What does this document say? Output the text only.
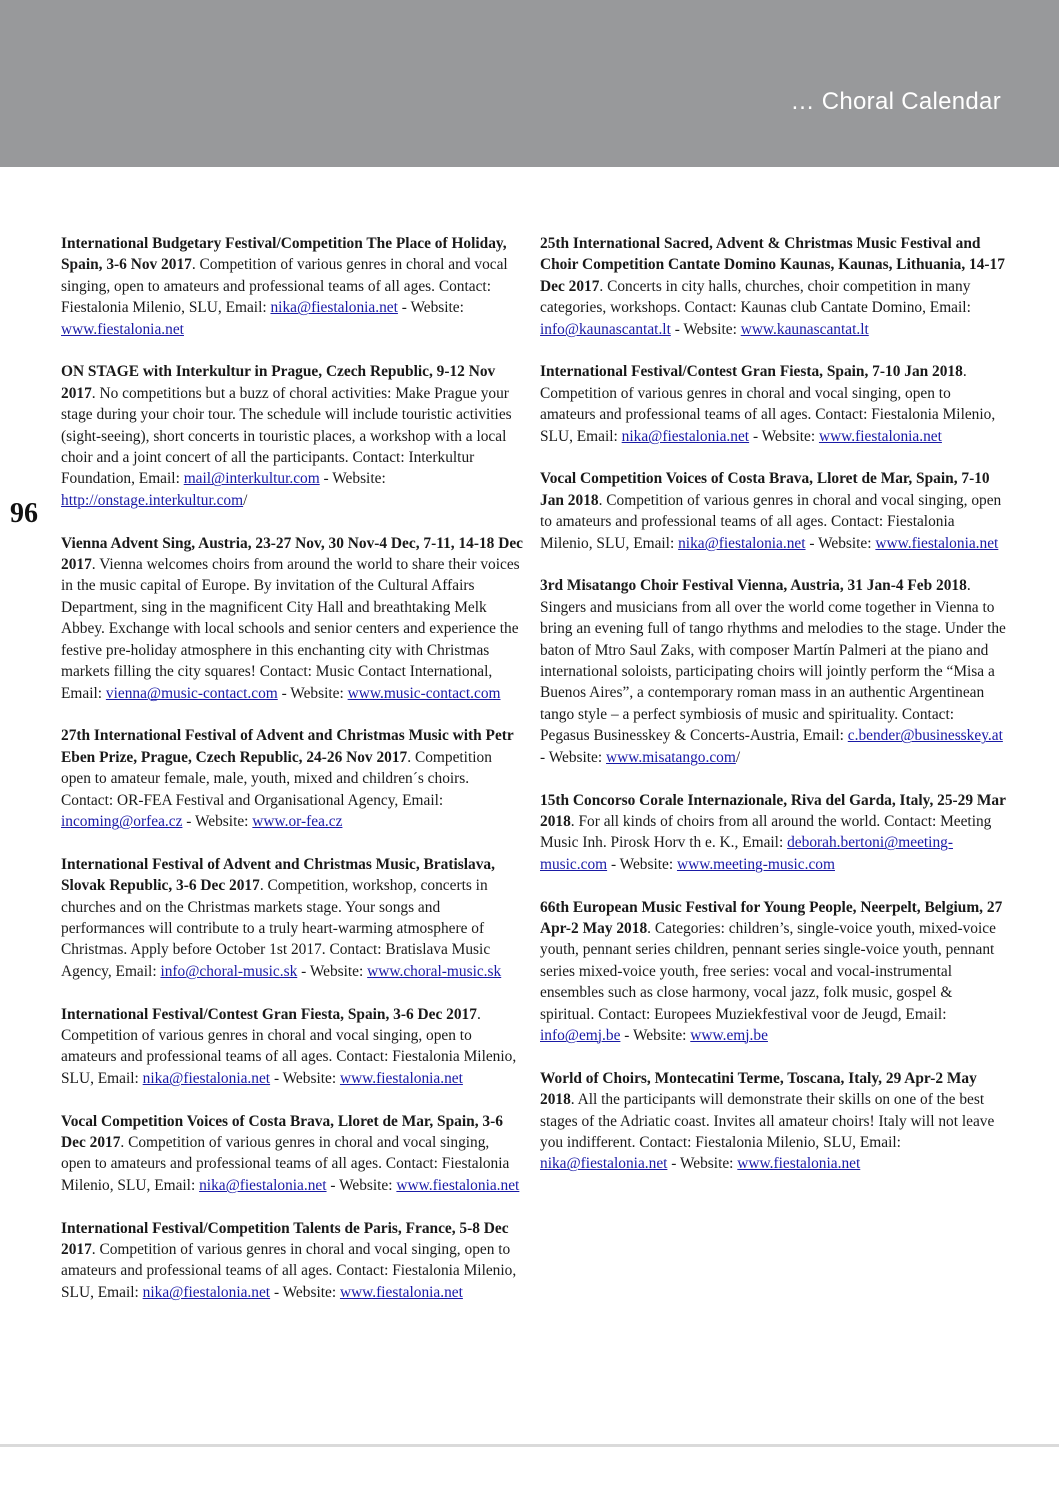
… Choral Calendar
96

International Budgetary Festival/Competition The Place of Holiday, Spain, 3-6 Nov 2017. Competition of various genres in choral and vocal singing, open to amateurs and professional teams of all ages. Contact: Fiestalonia Milenio, SLU, Email: nika@fiestalonia.net - Website: www.fiestalonia.net

ON STAGE with Interkultur in Prague, Czech Republic, 9-12 Nov 2017. No competitions but a buzz of choral activities: Make Prague your stage during your choir tour. The schedule will include touristic activities (sight-seeing), short concerts in touristic places, a workshop with a local choir and a joint concert of all the participants. Contact: Interkultur Foundation, Email: mail@interkultur.com - Website: http://onstage.interkultur.com/

Vienna Advent Sing, Austria, 23-27 Nov, 30 Nov-4 Dec, 7-11, 14-18 Dec 2017. Vienna welcomes choirs from around the world to share their voices in the music capital of Europe. By invitation of the Cultural Affairs Department, sing in the magnificent City Hall and breathtaking Melk Abbey. Exchange with local schools and senior centers and experience the festive pre-holiday atmosphere in this enchanting city with Christmas markets filling the city squares! Contact: Music Contact International, Email: vienna@music-contact.com - Website: www.music-contact.com

27th International Festival of Advent and Christmas Music with Petr Eben Prize, Prague, Czech Republic, 24-26 Nov 2017. Competition open to amateur female, male, youth, mixed and children´s choirs. Contact: OR-FEA Festival and Organisational Agency, Email: incoming@orfea.cz - Website: www.or-fea.cz

International Festival of Advent and Christmas Music, Bratislava, Slovak Republic, 3-6 Dec 2017. Competition, workshop, concerts in churches and on the Christmas markets stage. Your songs and performances will contribute to a truly heart-warming atmosphere of Christmas. Apply before October 1st 2017. Contact: Bratislava Music Agency, Email: info@choral-music.sk - Website: www.choral-music.sk

International Festival/Contest Gran Fiesta, Spain, 3-6 Dec 2017. Competition of various genres in choral and vocal singing, open to amateurs and professional teams of all ages. Contact: Fiestalonia Milenio, SLU, Email: nika@fiestalonia.net - Website: www.fiestalonia.net

Vocal Competition Voices of Costa Brava, Lloret de Mar, Spain, 3-6 Dec 2017. Competition of various genres in choral and vocal singing, open to amateurs and professional teams of all ages. Contact: Fiestalonia Milenio, SLU, Email: nika@fiestalonia.net - Website: www.fiestalonia.net

International Festival/Competition Talents de Paris, France, 5-8 Dec 2017. Competition of various genres in choral and vocal singing, open to amateurs and professional teams of all ages. Contact: Fiestalonia Milenio, SLU, Email: nika@fiestalonia.net - Website: www.fiestalonia.net

25th International Sacred, Advent & Christmas Music Festival and Choir Competition Cantate Domino Kaunas, Kaunas, Lithuania, 14-17 Dec 2017. Concerts in city halls, churches, choir competition in many categories, workshops. Contact: Kaunas club Cantate Domino, Email: info@kaunascantat.lt - Website: www.kaunascantat.lt

International Festival/Contest Gran Fiesta, Spain, 7-10 Jan 2018. Competition of various genres in choral and vocal singing, open to amateurs and professional teams of all ages. Contact: Fiestalonia Milenio, SLU, Email: nika@fiestalonia.net - Website: www.fiestalonia.net

Vocal Competition Voices of Costa Brava, Lloret de Mar, Spain, 7-10 Jan 2018. Competition of various genres in choral and vocal singing, open to amateurs and professional teams of all ages. Contact: Fiestalonia Milenio, SLU, Email: nika@fiestalonia.net - Website: www.fiestalonia.net

3rd Misatango Choir Festival Vienna, Austria, 31 Jan-4 Feb 2018. Singers and musicians from all over the world come together in Vienna to bring an evening full of tango rhythms and melodies to the stage. Under the baton of Mtro Saul Zaks, with composer Martín Palmeri at the piano and international soloists, participating choirs will jointly perform the “Misa a Buenos Aires”, a contemporary roman mass in an authentic Argentinean tango style – a perfect symbiosis of music and spirituality. Contact: Pegasus Businesskey & Concerts-Austria, Email: c.bender@businesskey.at - Website: www.misatango.com/

15th Concorso Corale Internazionale, Riva del Garda, Italy, 25-29 Mar 2018. For all kinds of choirs from all around the world. Contact: Meeting Music Inh. Pirosk Horv th e. K., Email: deborah.bertoni@meeting-music.com - Website: www.meeting-music.com

66th European Music Festival for Young People, Neerpelt, Belgium, 27 Apr-2 May 2018. Categories: children’s, single-voice youth, mixed-voice youth, pennant series children, pennant series single-voice youth, pennant series mixed-voice youth, free series: vocal and vocal-instrumental ensembles such as close harmony, vocal jazz, folk music, gospel & spiritual. Contact: Europees Muziekfestival voor de Jeugd, Email: info@emj.be - Website: www.emj.be

World of Choirs, Montecatini Terme, Toscana, Italy, 29 Apr-2 May 2018. All the participants will demonstrate their skills on one of the best stages of the Adriatic coast. Invites all amateur choirs! Italy will not leave you indifferent. Contact: Fiestalonia Milenio, SLU, Email: nika@fiestalonia.net - Website: www.fiestalonia.net
